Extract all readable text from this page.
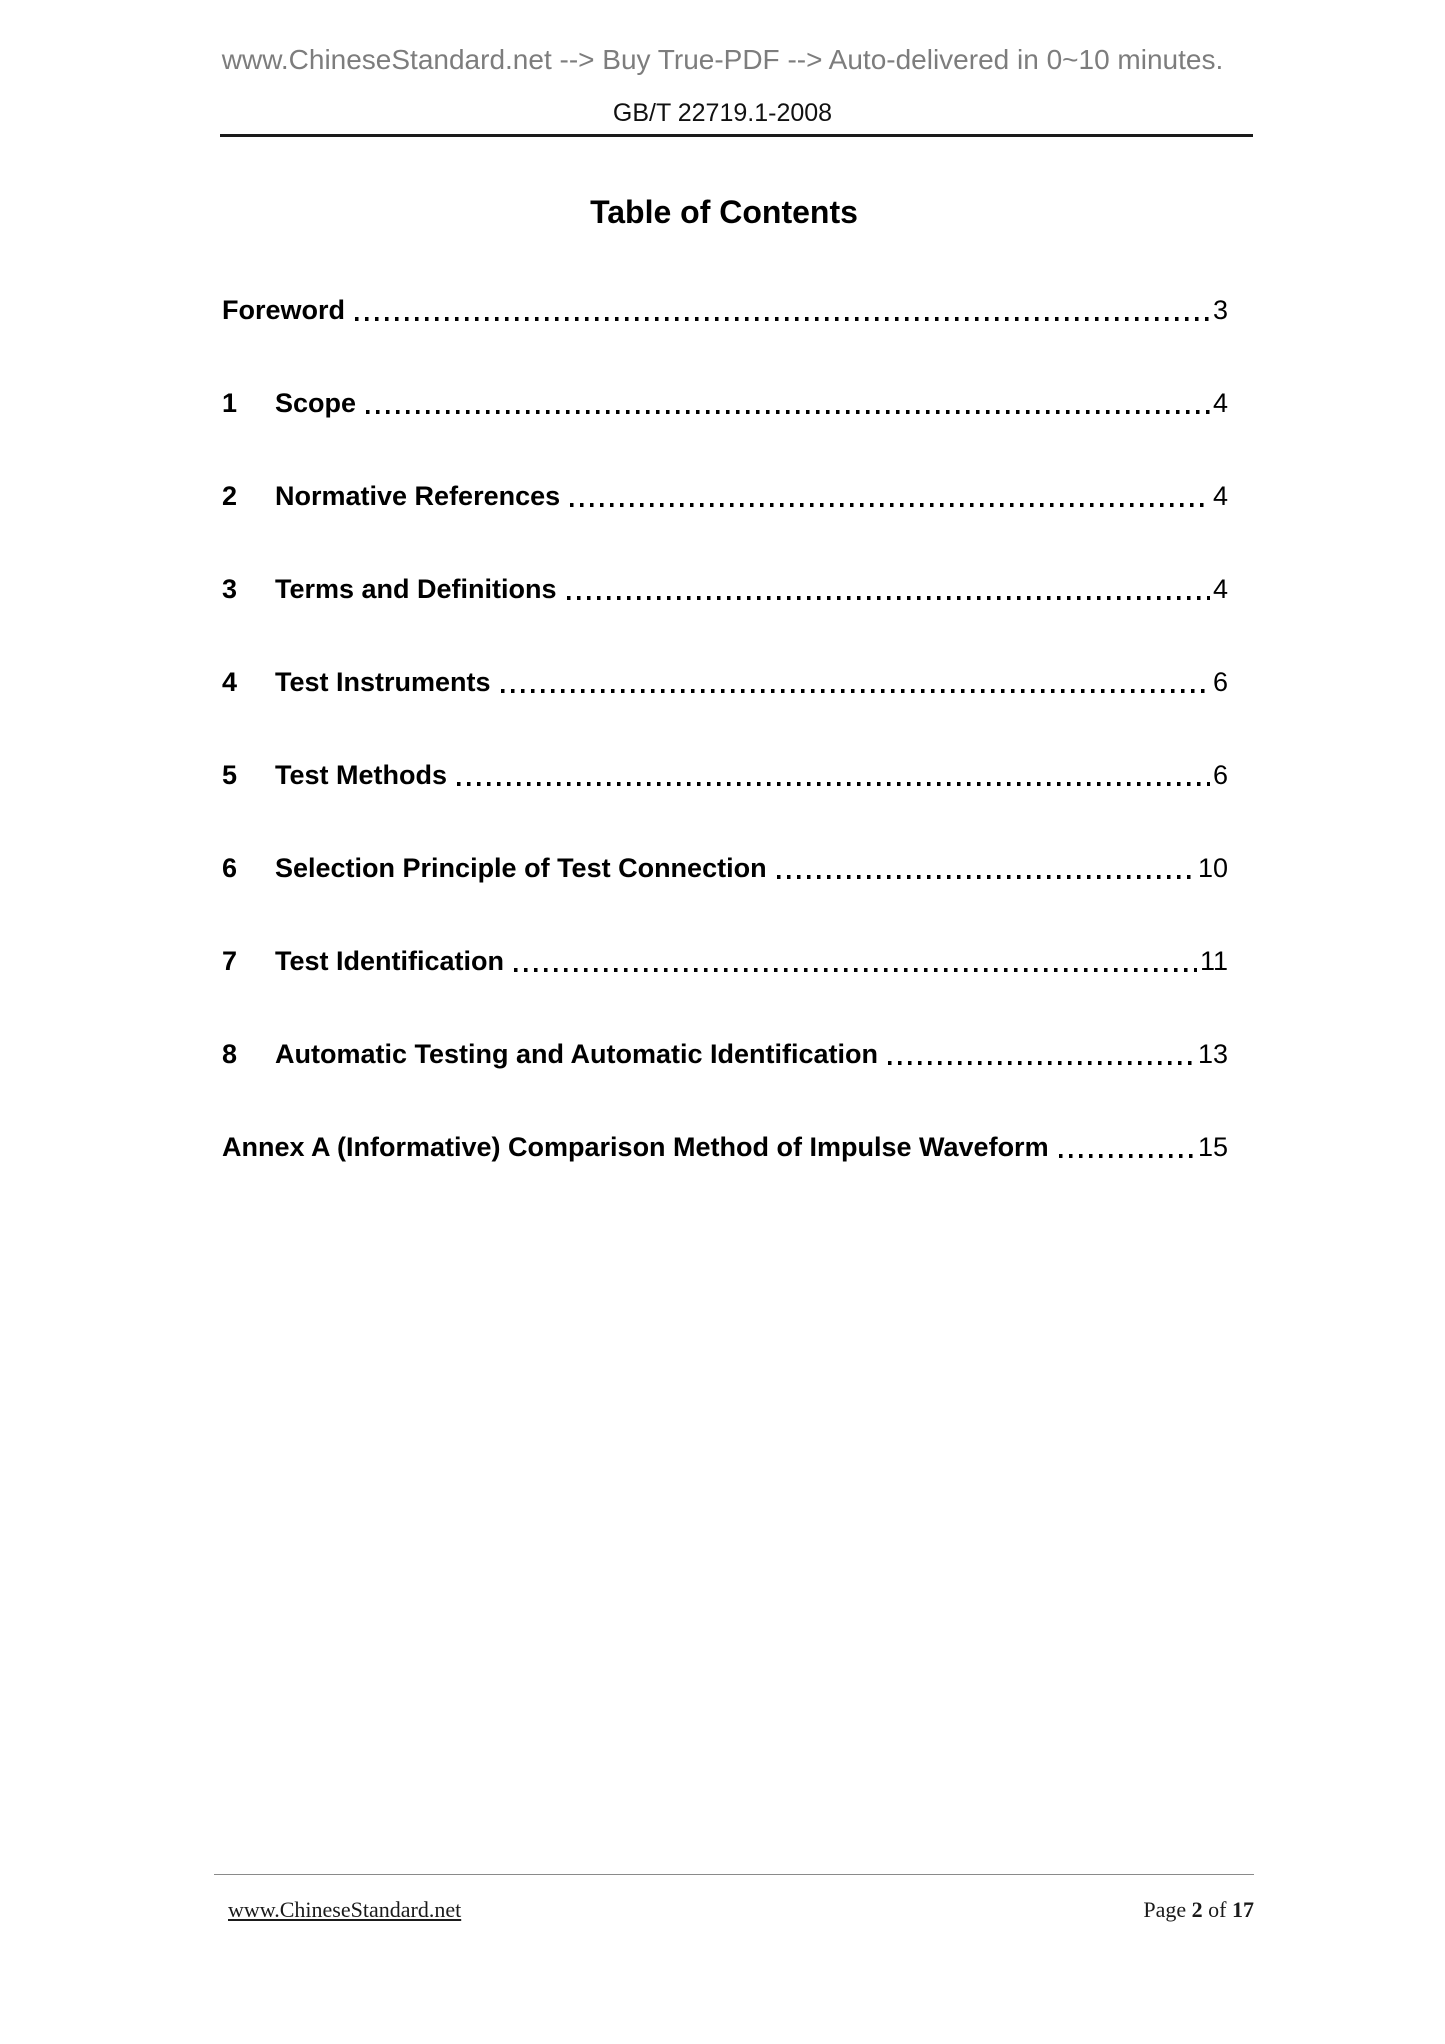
www.ChineseStandard.net --> Buy True-PDF --> Auto-delivered in 0~10 minutes.
GB/T 22719.1-2008
Table of Contents
Foreword	3
1	Scope	4
2	Normative References	4
3	Terms and Definitions	4
4	Test Instruments	6
5	Test Methods	6
6	Selection Principle of Test Connection	10
7	Test Identification	11
8	Automatic Testing and Automatic Identification	13
Annex A (Informative) Comparison Method of Impulse Waveform	15
www.ChineseStandard.net	Page 2 of 17
